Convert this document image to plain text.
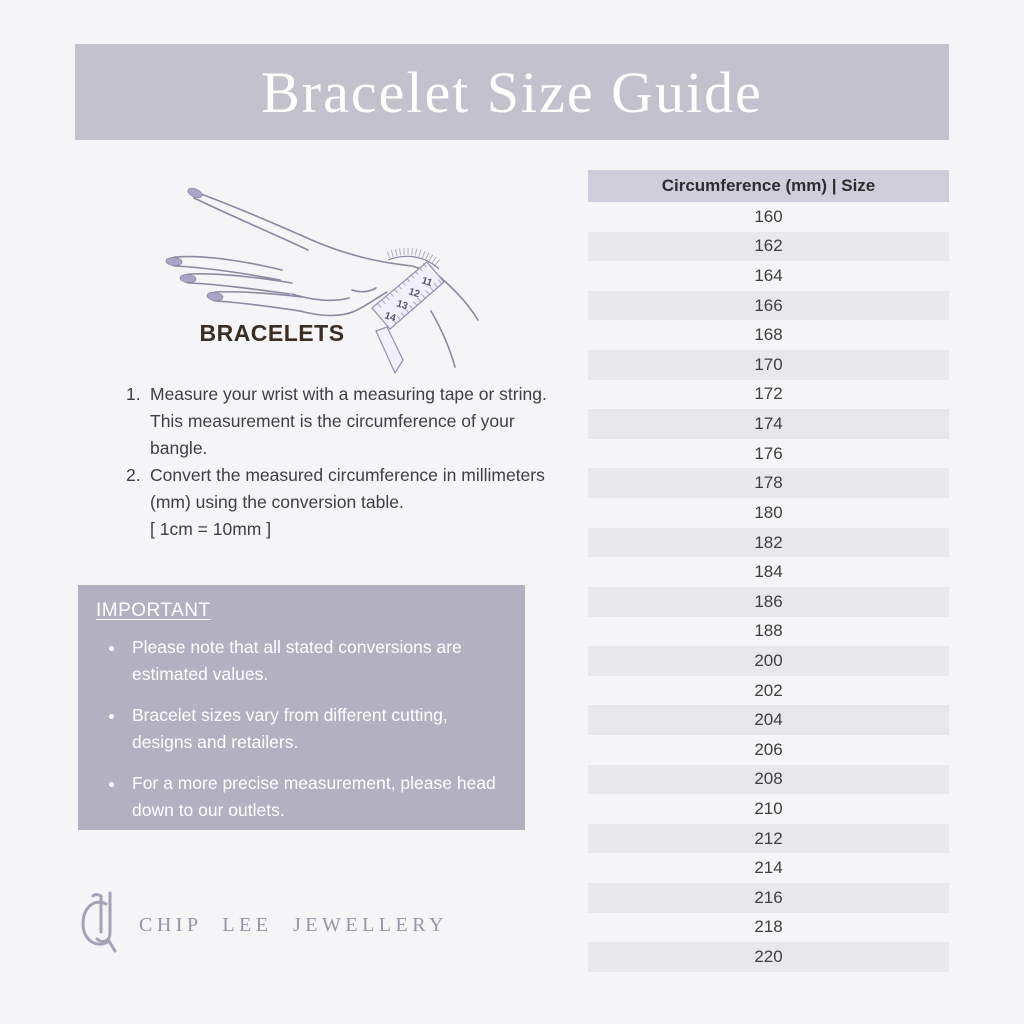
Bracelet Size Guide
11
12
13
14
BRACELETS
1. Measure your wrist with a measuring tape or string. This measurement is the circumference of your bangle.
2. Convert the measured circumference in millimeters (mm) using the conversion table.
[ 1cm = 10mm ]
IMPORTANT
• Please note that all stated conversions are estimated values.
• Bracelet sizes vary from different cutting, designs and retailers.
• For a more precise measurement, please head down to our outlets.
CHIP LEE JEWELLERY
Circumference (mm) | Size
160
162
164
166
168
170
172
174
176
178
180
182
184
186
188
200
202
204
206
208
210
212
214
216
218
220
